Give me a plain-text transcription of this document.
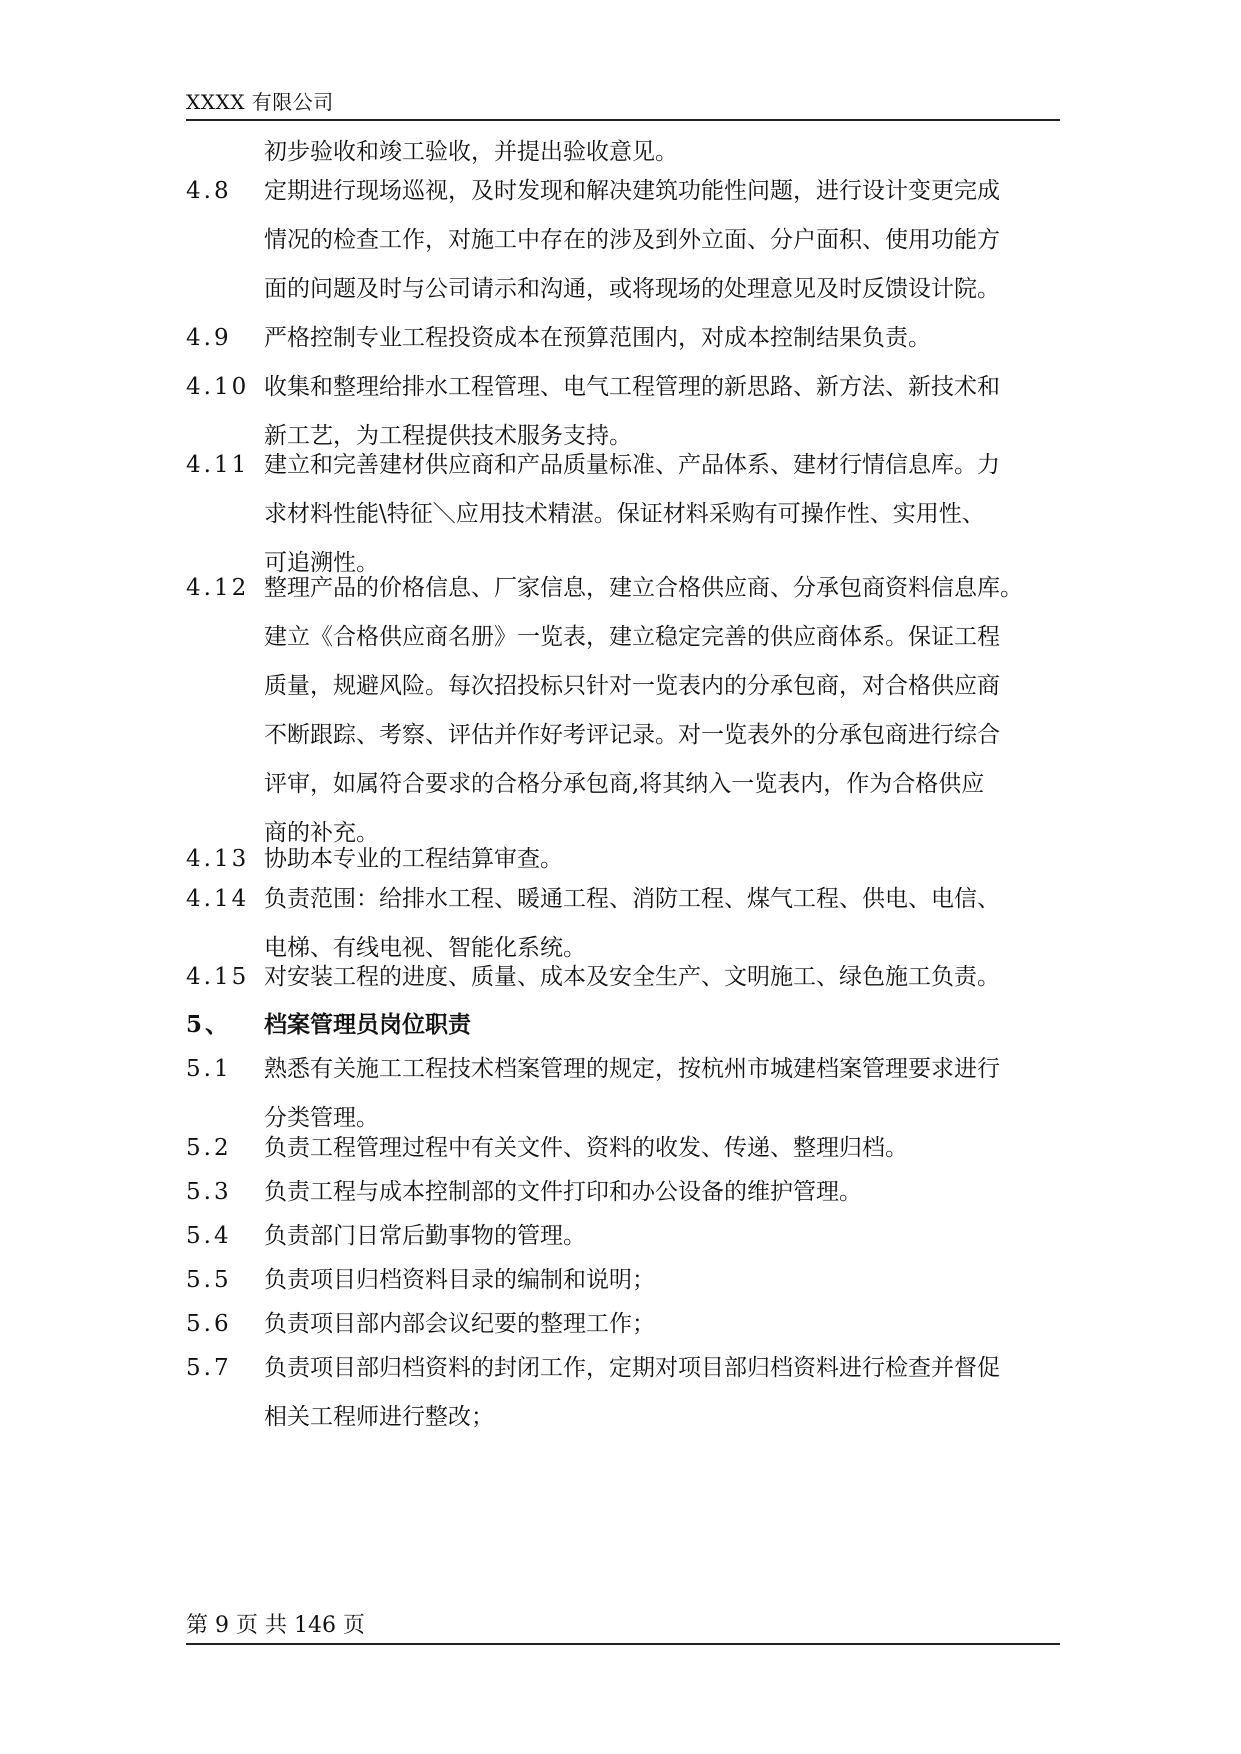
XXXX 有限公司
初步验收和竣工验收，并提出验收意见。
4.8	定期进行现场巡视，及时发现和解决建筑功能性问题，进行设计变更完成
情况的检查工作，对施工中存在的涉及到外立面、分户面积、使用功能方
面的问题及时与公司请示和沟通，或将现场的处理意见及时反馈设计院。
4.9	严格控制专业工程投资成本在预算范围内，对成本控制结果负责。
4.10 收集和整理给排水工程管理、电气工程管理的新思路、新方法、新技术和
新工艺，为工程提供技术服务支持。
4.11 建立和完善建材供应商和产品质量标准、产品体系、建材行情信息库。力
求材料性能\特征＼应用技术精湛。保证材料采购有可操作性、实用性、
可追溯性。
4.12 整理产品的价格信息、厂家信息，建立合格供应商、分承包商资料信息库。
建立《合格供应商名册》一览表，建立稳定完善的供应商体系。保证工程
质量，规避风险。每次招投标只针对一览表内的分承包商，对合格供应商
不断跟踪、考察、评估并作好考评记录。对一览表外的分承包商进行综合
评审，如属符合要求的合格分承包商,将其纳入一览表内，作为合格供应
商的补充。
4.13 协助本专业的工程结算审查。
4.14 负责范围：给排水工程、暖通工程、消防工程、煤气工程、供电、电信、
电梯、有线电视、智能化系统。
4.15 对安装工程的进度、质量、成本及安全生产、文明施工、绿色施工负责。
5、	档案管理员岗位职责
5.1	熟悉有关施工工程技术档案管理的规定，按杭州市城建档案管理要求进行
分类管理。
5.2	负责工程管理过程中有关文件、资料的收发、传递、整理归档。
5.3	负责工程与成本控制部的文件打印和办公设备的维护管理。
5.4	负责部门日常后勤事物的管理。
5.5	负责项目归档资料目录的编制和说明；
5.6	负责项目部内部会议纪要的整理工作；
5.7	负责项目部归档资料的封闭工作，定期对项目部归档资料进行检查并督促
相关工程师进行整改；
第 9 页 共 146 页
